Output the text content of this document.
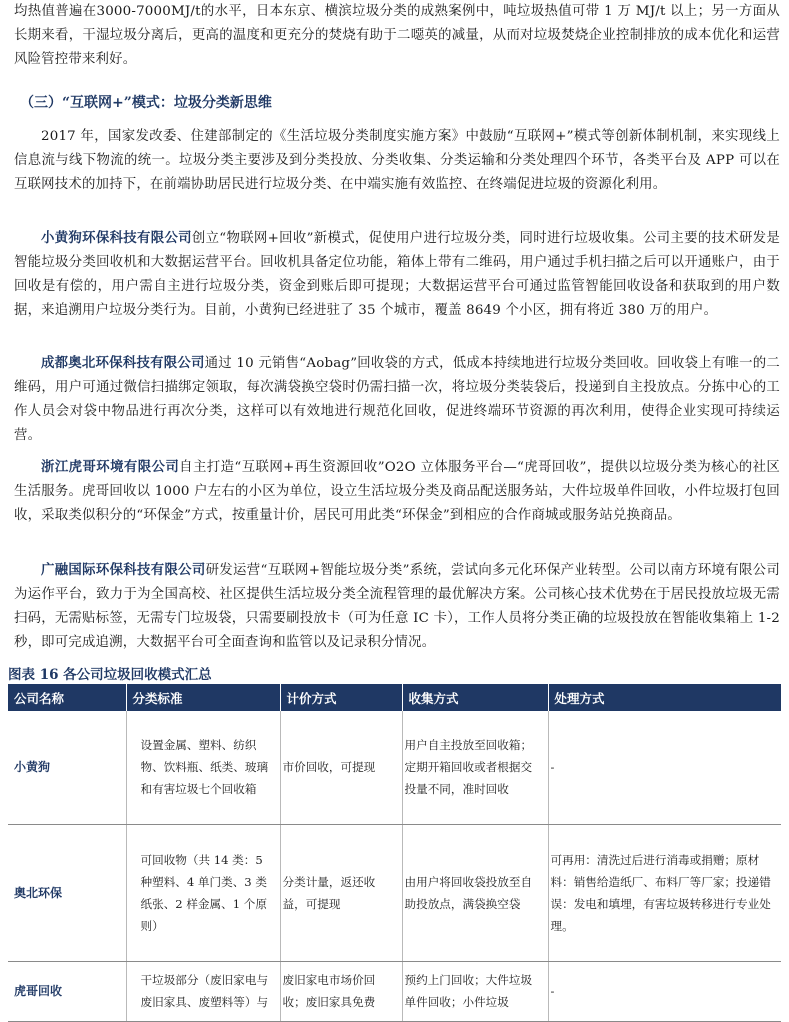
均热值普遍在3000-7000MJ/t的水平，日本东京、横滨垃圾分类的成熟案例中，吨垃圾热值可带 1 万 MJ/t 以上；另一方面从长期来看，干湿垃圾分离后，更高的温度和更充分的焚烧有助于二噁英的减量，从而对垃圾焚烧企业控制排放的成本优化和运营风险管控带来利好。

（三）“互联网+”模式：垃圾分类新思维

2017 年，国家发改委、住建部制定的《生活垃圾分类制度实施方案》中鼓励“互联网+”模式等创新体制机制，来实现线上信息流与线下物流的统一。垃圾分类主要涉及到分类投放、分类收集、分类运输和分类处理四个环节，各类平台及 APP 可以在互联网技术的加持下，在前端协助居民进行垃圾分类、在中端实施有效监控、在终端促进垃圾的资源化利用。

小黄狗环保科技有限公司创立“物联网+回收”新模式，促使用户进行垃圾分类，同时进行垃圾收集。公司主要的技术研发是智能垃圾分类回收机和大数据运营平台。回收机具备定位功能，箱体上带有二维码，用户通过手机扫描之后可以开通账户，由于回收是有偿的，用户需自主进行垃圾分类，资金到账后即可提现；大数据运营平台可通过监管智能回收设备和获取到的用户数据，来追溯用户垃圾分类行为。目前，小黄狗已经进驻了 35 个城市，覆盖 8649 个小区，拥有将近 380 万的用户。

成都奥北环保科技有限公司通过 10 元销售“Aobag”回收袋的方式，低成本持续地进行垃圾分类回收。回收袋上有唯一的二维码，用户可通过微信扫描绑定领取，每次满袋换空袋时仍需扫描一次，将垃圾分类装袋后，投递到自主投放点。分拣中心的工作人员会对袋中物品进行再次分类，这样可以有效地进行规范化回收，促进终端环节资源的再次利用，使得企业实现可持续运营。

浙江虎哥环境有限公司自主打造“互联网+再生资源回收”O2O 立体服务平台—“虎哥回收”，提供以垃圾分类为核心的社区生活服务。虎哥回收以 1000 户左右的小区为单位，设立生活垃圾分类及商品配送服务站，大件垃圾单件回收，小件垃圾打包回收，采取类似积分的“环保金”方式，按重量计价，居民可用此类“环保金”到相应的合作商城或服务站兑换商品。

广融国际环保科技有限公司研发运营“互联网+智能垃圾分类”系统，尝试向多元化环保产业转型。公司以南方环境有限公司为运作平台，致力于为全国高校、社区提供生活垃圾分类全流程管理的最优解决方案。公司核心技术优势在于居民投放垃圾无需扫码，无需贴标签，无需专门垃圾袋，只需要刷投放卡（可为任意 IC 卡），工作人员将分类正确的垃圾投放在智能收集箱上 1-2 秒，即可完成追溯，大数据平台可全面查询和监管以及记录积分情况。

图表 16 各公司垃圾回收模式汇总
公司名称	分类标准	计价方式	收集方式	处理方式
小黄狗	设置金属、塑料、纺织物、饮料瓶、纸类、玻璃和有害垃圾七个回收箱	市价回收，可提现	用户自主投放至回收箱；定期开箱回收或者根据交投量不同，准时回收	-
奥北环保	可回收物（共 14 类：5 种塑料、4 单门类、3 类纸张、2 样金属、1 个原则）	分类计量，返还收益，可提现	由用户将回收袋投放至自助投放点，满袋换空袋	可再用：清洗过后进行消毒或捐赠；原材料：销售给造纸厂、布料厂等厂家；投递错误：发电和填埋，有害垃圾转移进行专业处理。
虎哥回收	干垃圾部分（废旧家电与废旧家具、废塑料等）与	废旧家电市场价回收；废旧家具免费	预约上门回收；大件垃圾单件回收；小件垃圾	-
